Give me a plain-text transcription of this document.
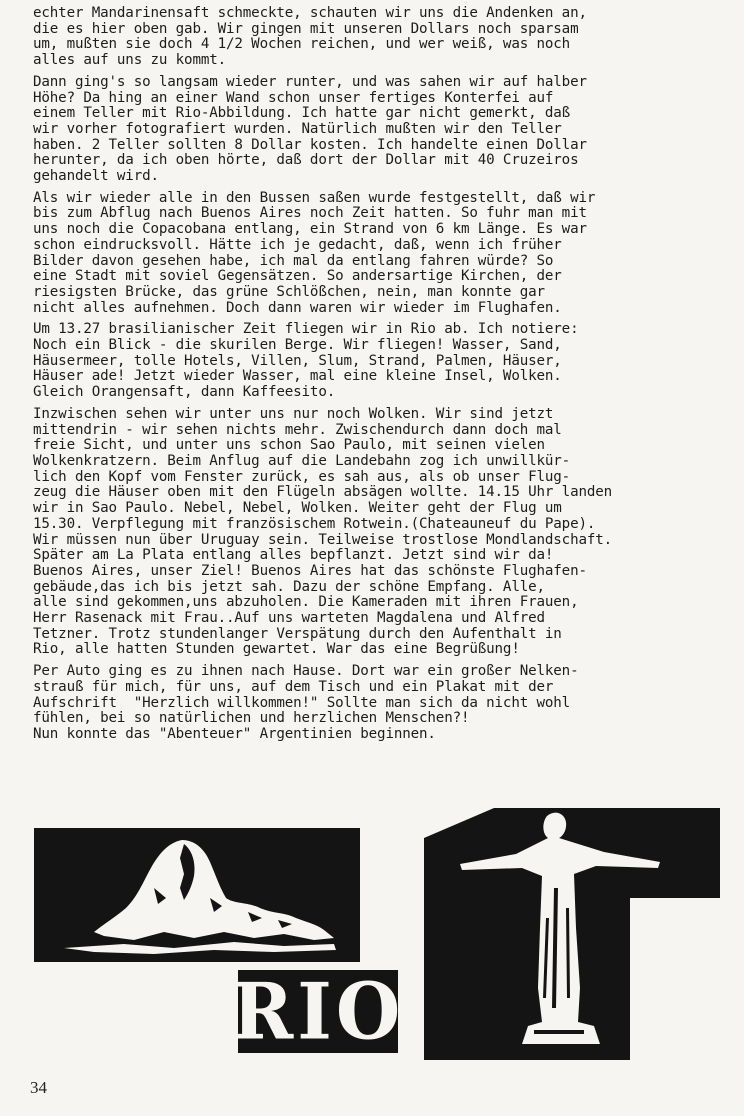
echter Mandarinensaft schmeckte, schauten wir uns die Andenken an,
die es hier oben gab. Wir gingen mit unseren Dollars noch sparsam
um, mußten sie doch 4 1/2 Wochen reichen, und wer weiß, was noch
alles auf uns zu kommt.
Dann ging's so langsam wieder runter, und was sahen wir auf halber
Höhe? Da hing an einer Wand schon unser fertiges Konterfei auf
einem Teller mit Rio-Abbildung. Ich hatte gar nicht gemerkt, daß
wir vorher fotografiert wurden. Natürlich mußten wir den Teller
haben. 2 Teller sollten 8 Dollar kosten. Ich handelte einen Dollar
herunter, da ich oben hörte, daß dort der Dollar mit 40 Cruzeiros
gehandelt wird.
Als wir wieder alle in den Bussen saßen wurde festgestellt, daß wir
bis zum Abflug nach Buenos Aires noch Zeit hatten. So fuhr man mit
uns noch die Copacobana entlang, ein Strand von 6 km Länge. Es war
schon eindrucksvoll. Hätte ich je gedacht, daß, wenn ich früher
Bilder davon gesehen habe, ich mal da entlang fahren würde? So
eine Stadt mit soviel Gegensätzen. So andersartige Kirchen, der
riesigsten Brücke, das grüne Schlößchen, nein, man konnte gar
nicht alles aufnehmen. Doch dann waren wir wieder im Flughafen.
Um 13.27 brasilianischer Zeit fliegen wir in Rio ab. Ich notiere:
Noch ein Blick - die skurilen Berge. Wir fliegen! Wasser, Sand,
Häusermeer, tolle Hotels, Villen, Slum, Strand, Palmen, Häuser,
Häuser ade! Jetzt wieder Wasser, mal eine kleine Insel, Wolken.
Gleich Orangensaft, dann Kaffeesito.
Inzwischen sehen wir unter uns nur noch Wolken. Wir sind jetzt
mittendrin - wir sehen nichts mehr. Zwischendurch dann doch mal
freie Sicht, und unter uns schon Sao Paulo, mit seinen vielen
Wolkenkratzern. Beim Anflug auf die Landebahn zog ich unwillkür-
lich den Kopf vom Fenster zurück, es sah aus, als ob unser Flug-
zeug die Häuser oben mit den Flügeln absägen wollte. 14.15 Uhr landen
wir in Sao Paulo. Nebel, Nebel, Wolken. Weiter geht der Flug um
15.30. Verpflegung mit französischem Rotwein.(Chateauneuf du Pape).
Wir müssen nun über Uruguay sein. Teilweise trostlose Mondlandschaft.
Später am La Plata entlang alles bepflanzt. Jetzt sind wir da!
Buenos Aires, unser Ziel! Buenos Aires hat das schönste Flughafen-
gebäude,das ich bis jetzt sah. Dazu der schöne Empfang. Alle,
alle sind gekommen,uns abzuholen. Die Kameraden mit ihren Frauen,
Herr Rasenack mit Frau..Auf uns warteten Magdalena und Alfred
Tetzner. Trotz stundenlanger Verspätung durch den Aufenthalt in
Rio, alle hatten Stunden gewartet. War das eine Begrüßung!
Per Auto ging es zu ihnen nach Hause. Dort war ein großer Nelken-
strauß für mich, für uns, auf dem Tisch und ein Plakat mit der
Aufschrift  "Herzlich willkommen!" Sollte man sich da nicht wohl
fühlen, bei so natürlichen und herzlichen Menschen?!
Nun konnte das "Abenteuer" Argentinien beginnen.
RIO
34
